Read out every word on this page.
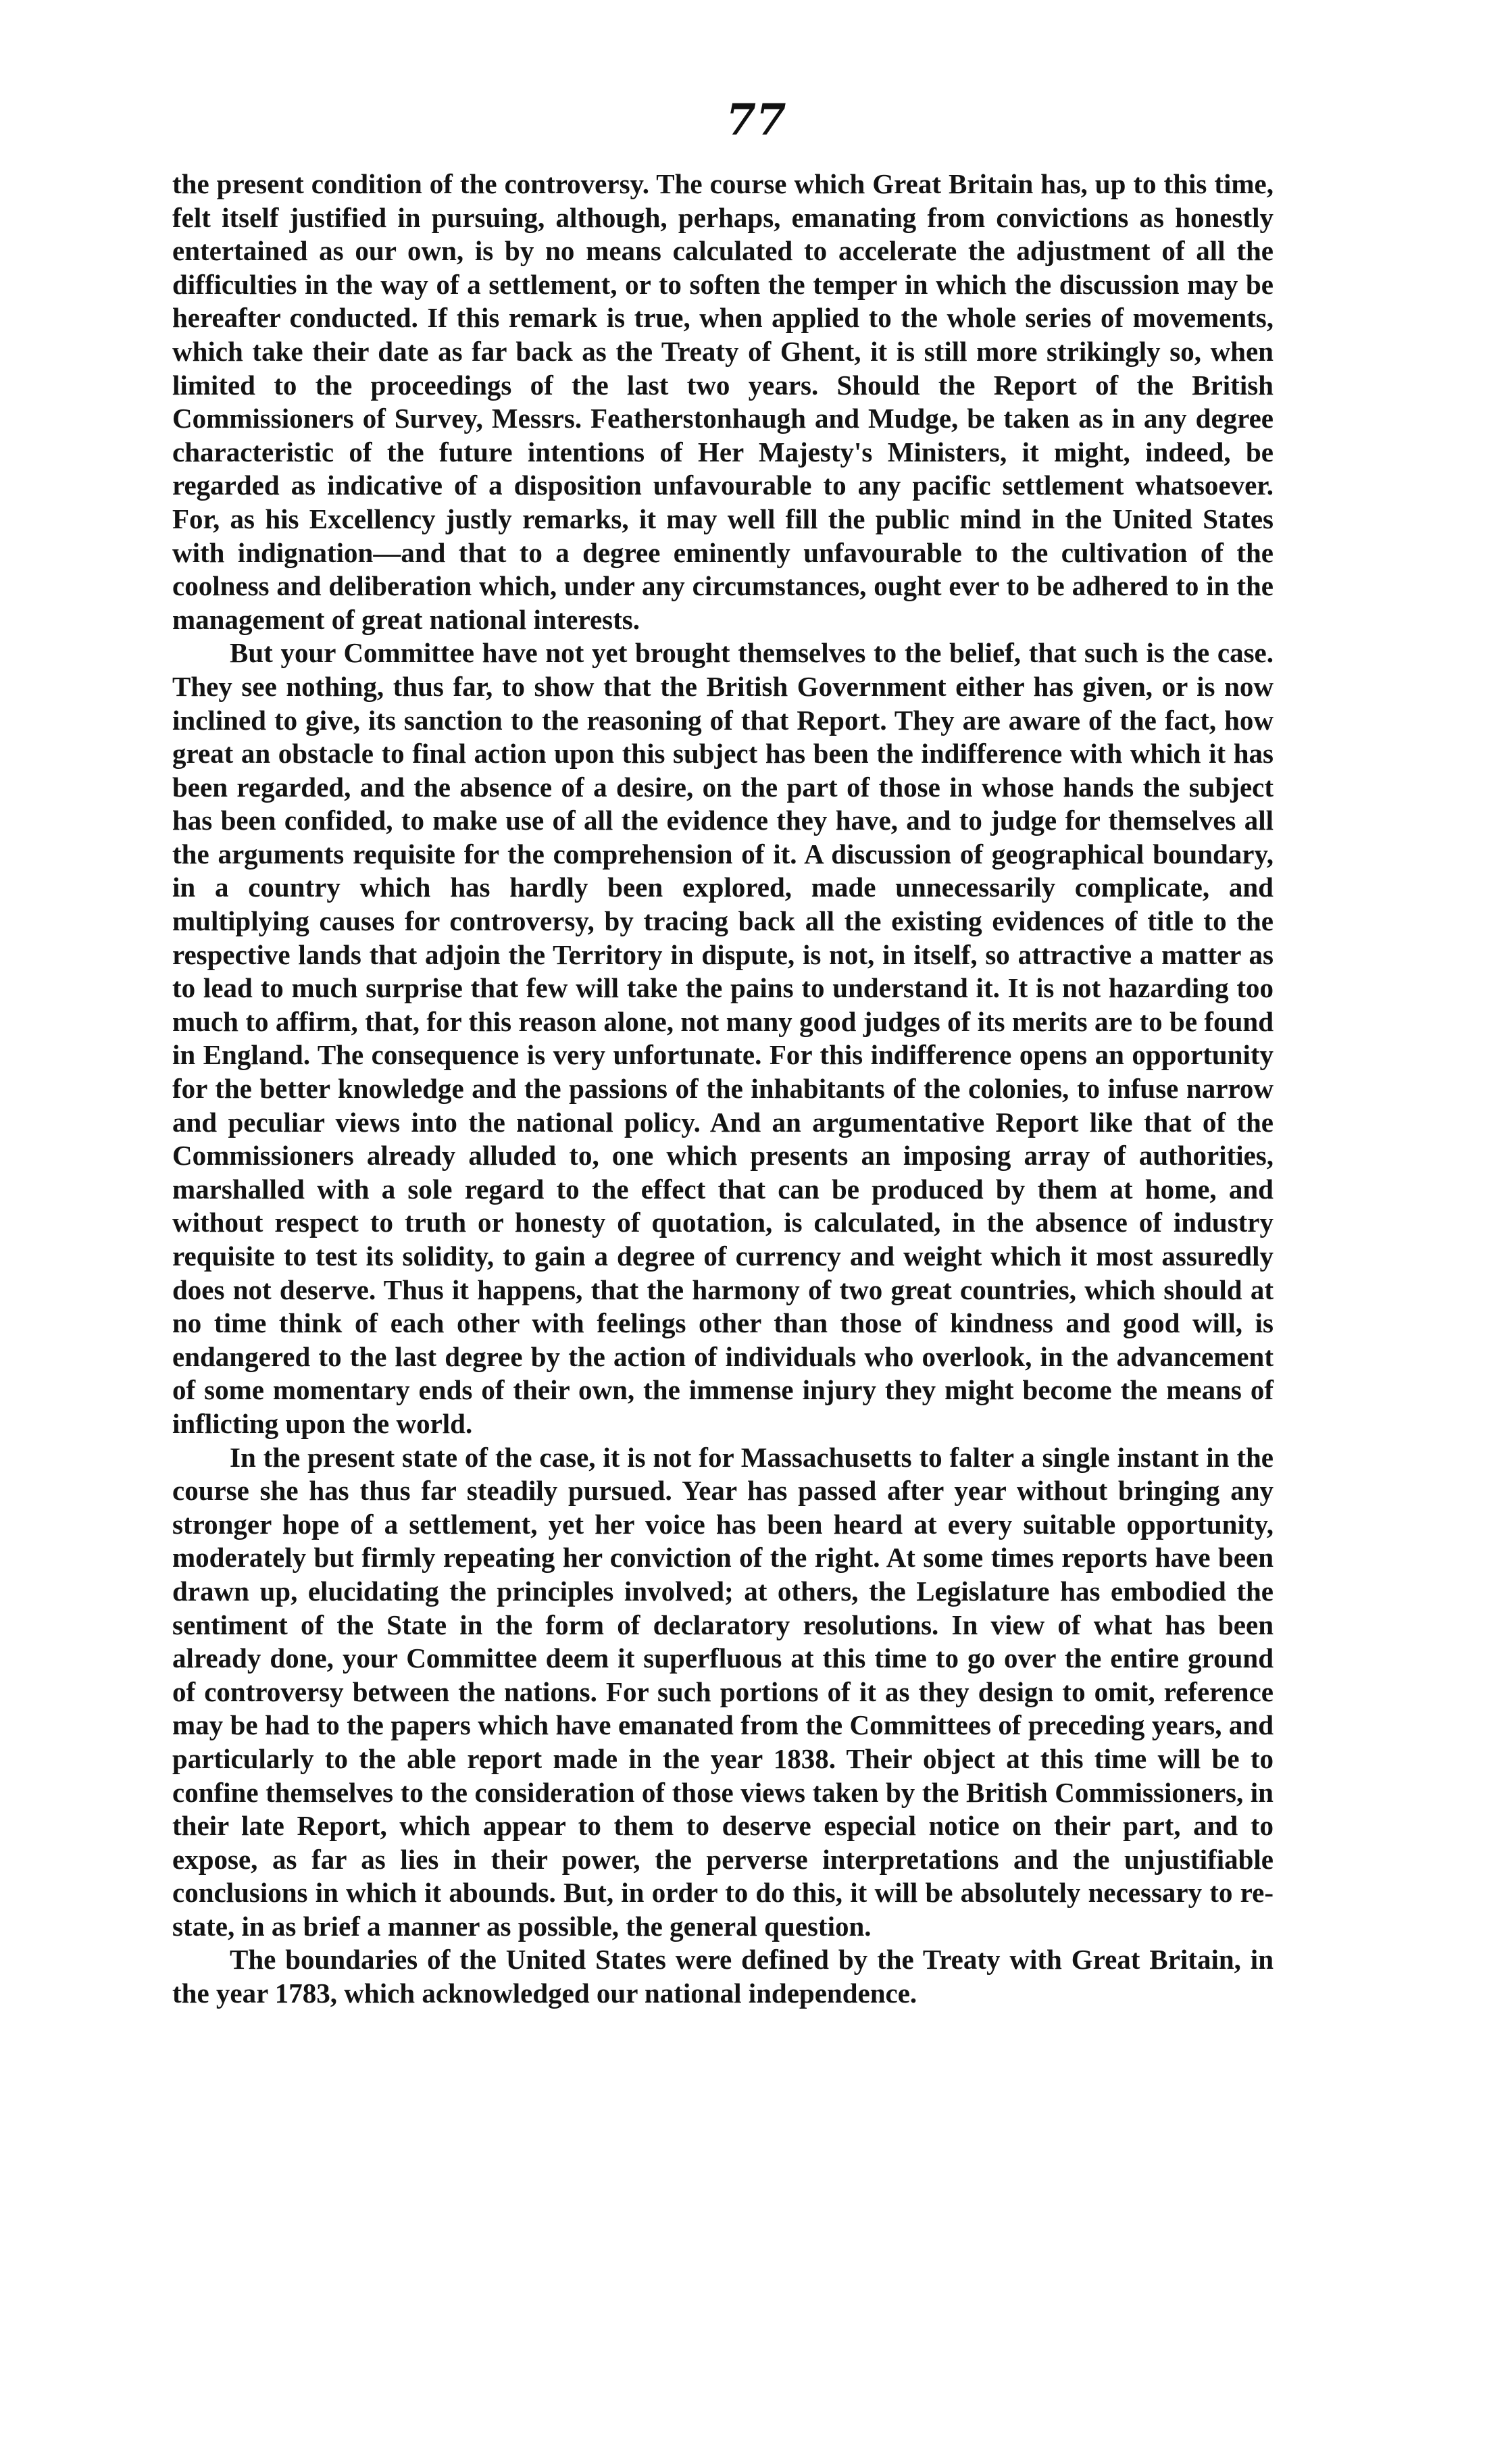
77

the present condition of the controversy. The course which Great Britain has, up to this time, felt itself justified in pursuing, although, perhaps, emanating from convictions as honestly entertained as our own, is by no means calculated to accelerate the adjustment of all the difficulties in the way of a settlement, or to soften the temper in which the discussion may be hereafter conducted. If this remark is true, when applied to the whole series of movements, which take their date as far back as the Treaty of Ghent, it is still more strikingly so, when limited to the proceedings of the last two years. Should the Report of the British Commissioners of Survey, Messrs. Featherstonhaugh and Mudge, be taken as in any degree characteristic of the future intentions of Her Majesty's Ministers, it might, indeed, be regarded as indicative of a disposition unfavourable to any pacific settlement whatsoever. For, as his Excellency justly remarks, it may well fill the public mind in the United States with indignation—and that to a degree eminently unfavourable to the cultivation of the coolness and deliberation which, under any circumstances, ought ever to be adhered to in the management of great national interests.

But your Committee have not yet brought themselves to the belief, that such is the case. They see nothing, thus far, to show that the British Government either has given, or is now inclined to give, its sanction to the reasoning of that Report. They are aware of the fact, how great an obstacle to final action upon this subject has been the indifference with which it has been regarded, and the absence of a desire, on the part of those in whose hands the subject has been confided, to make use of all the evidence they have, and to judge for themselves all the arguments requisite for the comprehension of it. A discussion of geographical boundary, in a country which has hardly been explored, made unnecessarily complicate, and multiplying causes for controversy, by tracing back all the existing evidences of title to the respective lands that adjoin the Territory in dispute, is not, in itself, so attractive a matter as to lead to much surprise that few will take the pains to understand it. It is not hazarding too much to affirm, that, for this reason alone, not many good judges of its merits are to be found in England. The consequence is very unfortunate. For this indifference opens an opportunity for the better knowledge and the passions of the inhabitants of the colonies, to infuse narrow and peculiar views into the national policy. And an argumentative Report like that of the Commissioners already alluded to, one which presents an imposing array of authorities, marshalled with a sole regard to the effect that can be produced by them at home, and without respect to truth or honesty of quotation, is calculated, in the absence of industry requisite to test its solidity, to gain a degree of currency and weight which it most assuredly does not deserve. Thus it happens, that the harmony of two great countries, which should at no time think of each other with feelings other than those of kindness and good will, is endangered to the last degree by the action of individuals who overlook, in the advancement of some momentary ends of their own, the immense injury they might become the means of inflicting upon the world.

In the present state of the case, it is not for Massachusetts to falter a single instant in the course she has thus far steadily pursued. Year has passed after year without bringing any stronger hope of a settlement, yet her voice has been heard at every suitable opportunity, moderately but firmly repeating her conviction of the right. At some times reports have been drawn up, elucidating the principles involved; at others, the Legislature has embodied the sentiment of the State in the form of declaratory resolutions. In view of what has been already done, your Committee deem it superfluous at this time to go over the entire ground of controversy between the nations. For such portions of it as they design to omit, reference may be had to the papers which have emanated from the Committees of preceding years, and particularly to the able report made in the year 1838. Their object at this time will be to confine themselves to the consideration of those views taken by the British Commissioners, in their late Report, which appear to them to deserve especial notice on their part, and to expose, as far as lies in their power, the perverse interpretations and the unjustifiable conclusions in which it abounds. But, in order to do this, it will be absolutely necessary to re-state, in as brief a manner as possible, the general question.

The boundaries of the United States were defined by the Treaty with Great Britain, in the year 1783, which acknowledged our national independence.
